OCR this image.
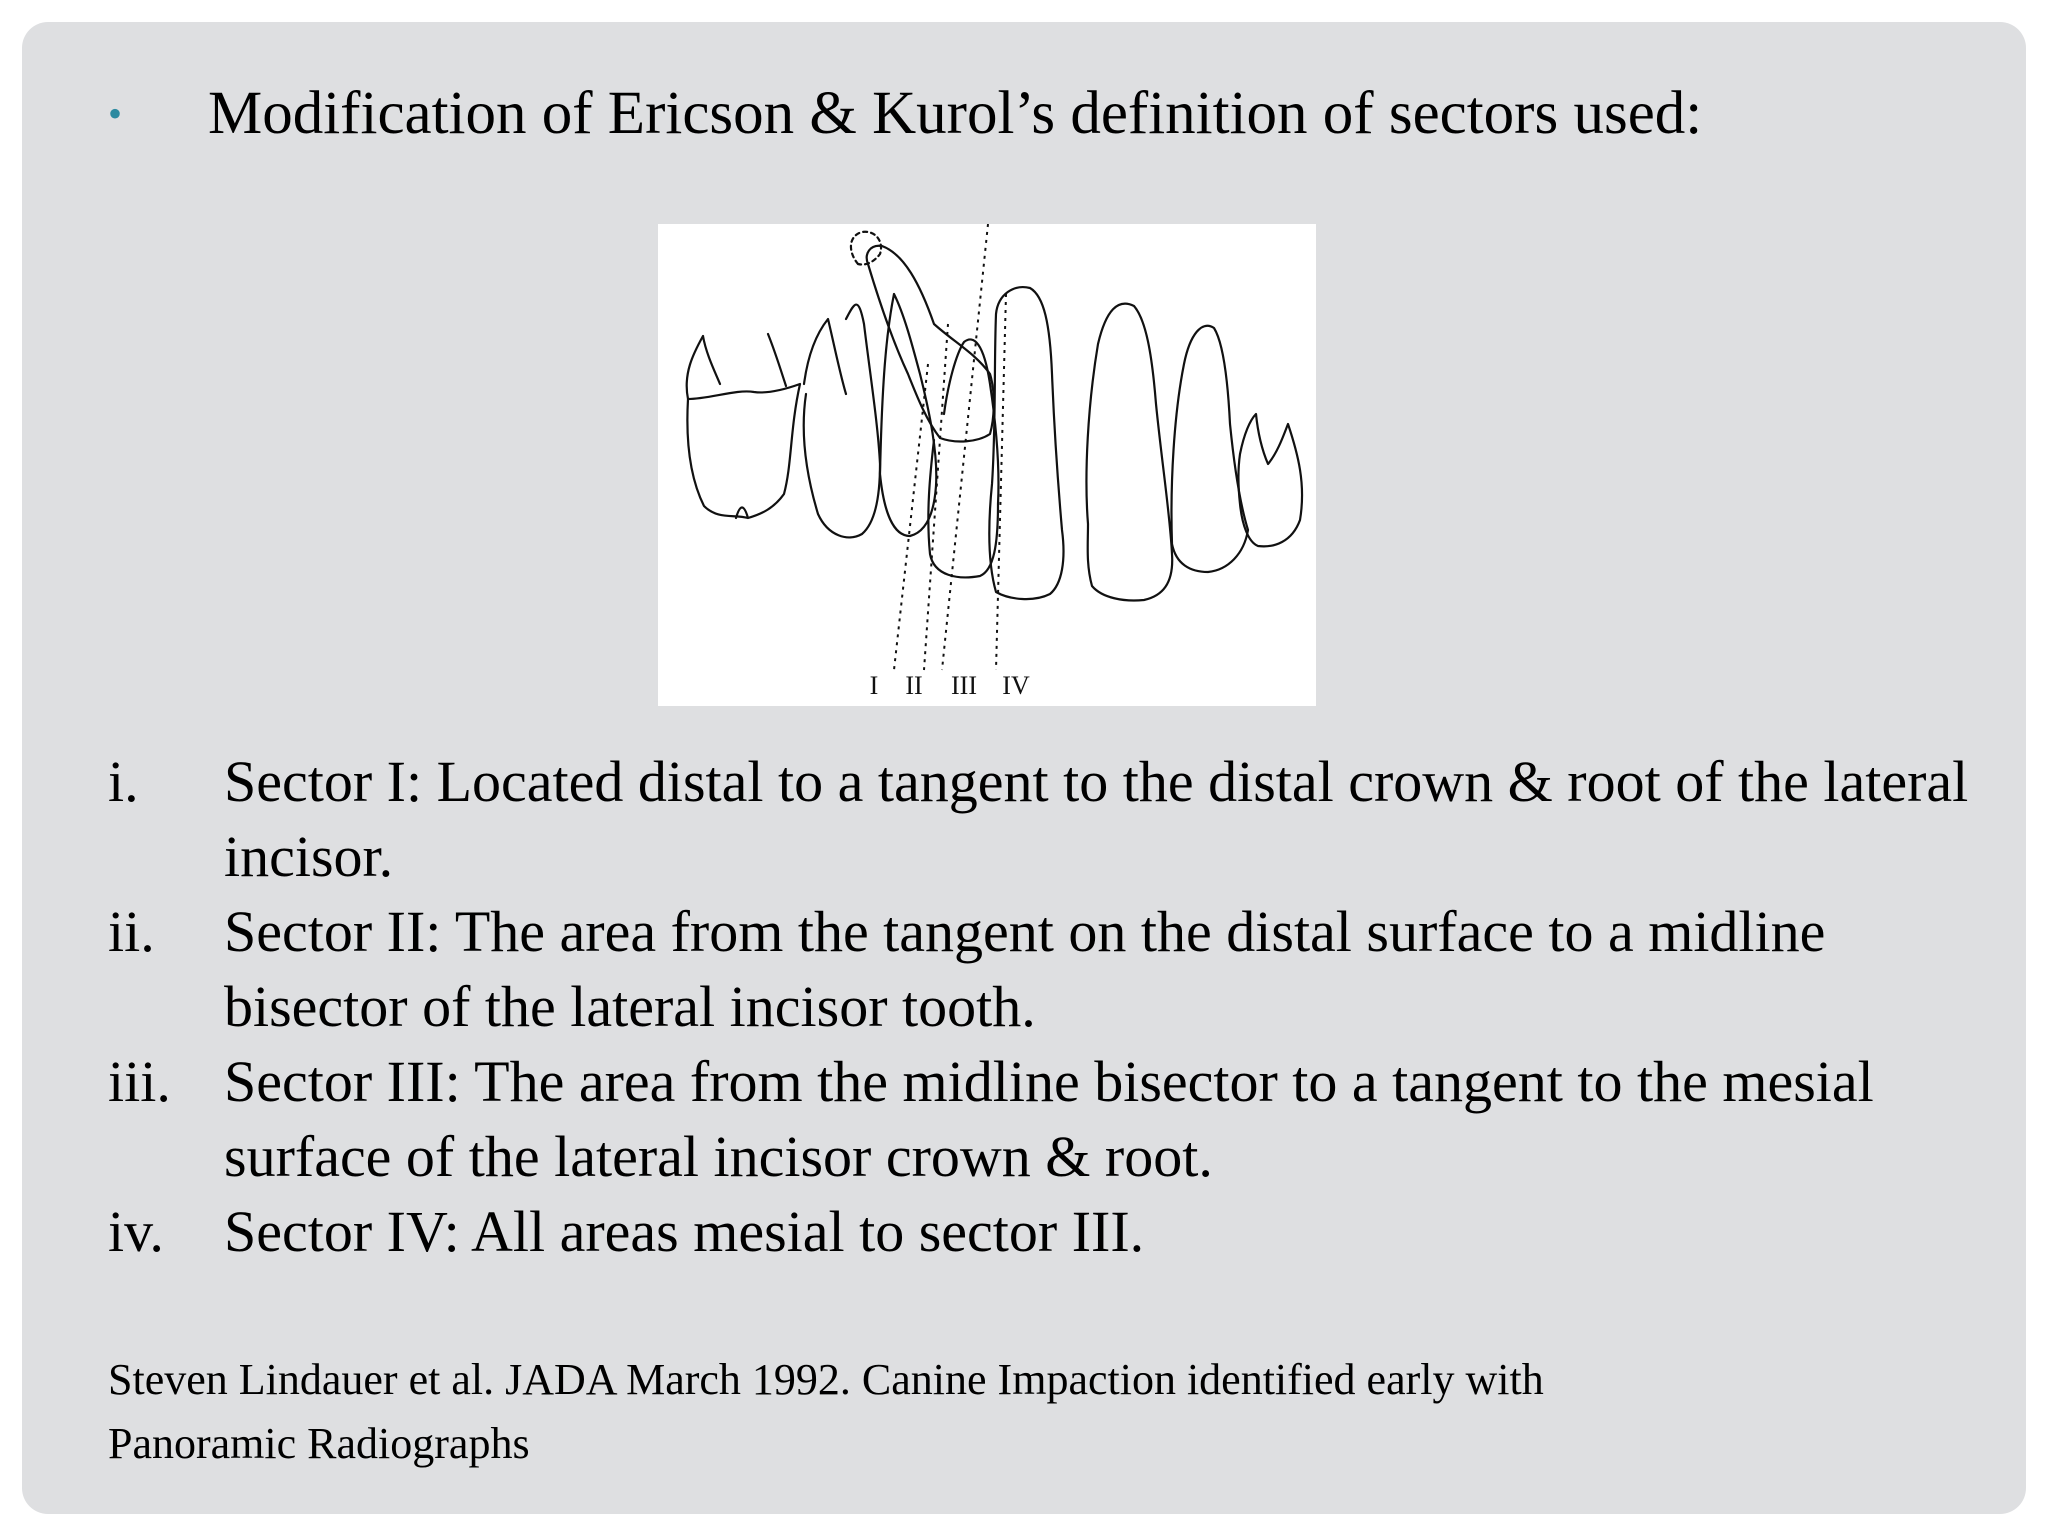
•	Modification of Ericson & Kurol’s definition of sectors used:
I II III IV
i.	Sector I: Located distal to a tangent to the distal crown & root of the lateral incisor.
ii.	Sector II: The area from the tangent on the distal surface to a midline bisector of the lateral incisor tooth.
iii. Sector III: The area from the midline bisector to a tangent to the mesial surface of the lateral incisor crown & root.
iv.	Sector IV: All areas mesial to sector III.
Steven Lindauer et al. JADA March 1992. Canine Impaction identified early with
Panoramic Radiographs
